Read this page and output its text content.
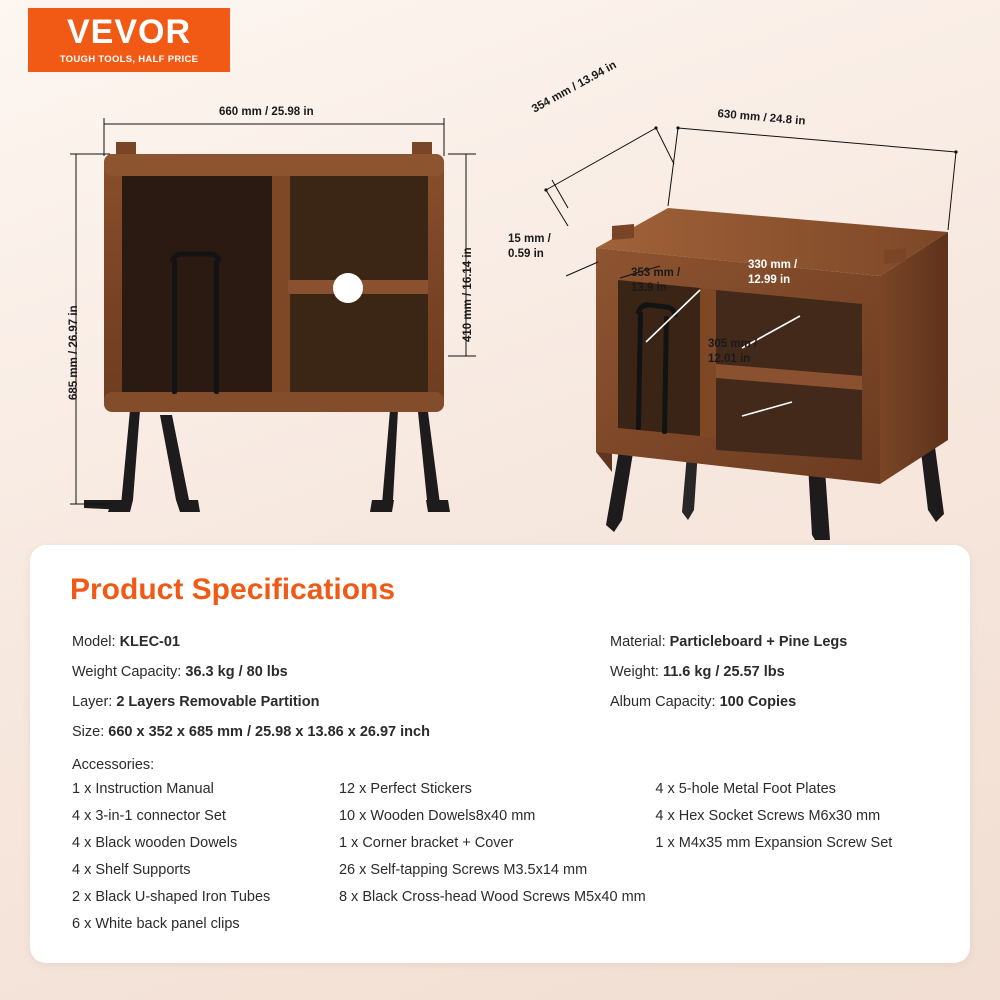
VEVOR
TOUGH TOOLS, HALF PRICE
660 mm / 25.98 in
685 mm / 26.97 in
410 mm / 16.14 in
354 mm / 13.94 in
630 mm / 24.8 in
15 mm / 0.59 in
353 mm / 13.9 in
330 mm / 12.99 in
305 mm / 12.01 in
Product Specifications
Model: KLEC-01
Weight Capacity: 36.3 kg / 80 lbs
Layer: 2 Layers Removable Partition
Size: 660 x 352 x 685 mm / 25.98 x 13.86 x 26.97 inch
Material: Particleboard + Pine Legs
Weight: 11.6 kg / 25.57 lbs
Album Capacity: 100 Copies
Accessories:
1 x Instruction Manual
4 x 3-in-1 connector Set
4 x Black wooden Dowels
4 x Shelf Supports
2 x Black U-shaped Iron Tubes
6 x White back panel clips
12 x Perfect Stickers
10 x Wooden Dowels8x40 mm
1 x Corner bracket + Cover
26 x Self-tapping Screws M3.5x14 mm
8 x Black Cross-head Wood Screws M5x40 mm
4 x 5-hole Metal Foot Plates
4 x Hex Socket Screws M6x30 mm
1 x M4x35 mm Expansion Screw Set
